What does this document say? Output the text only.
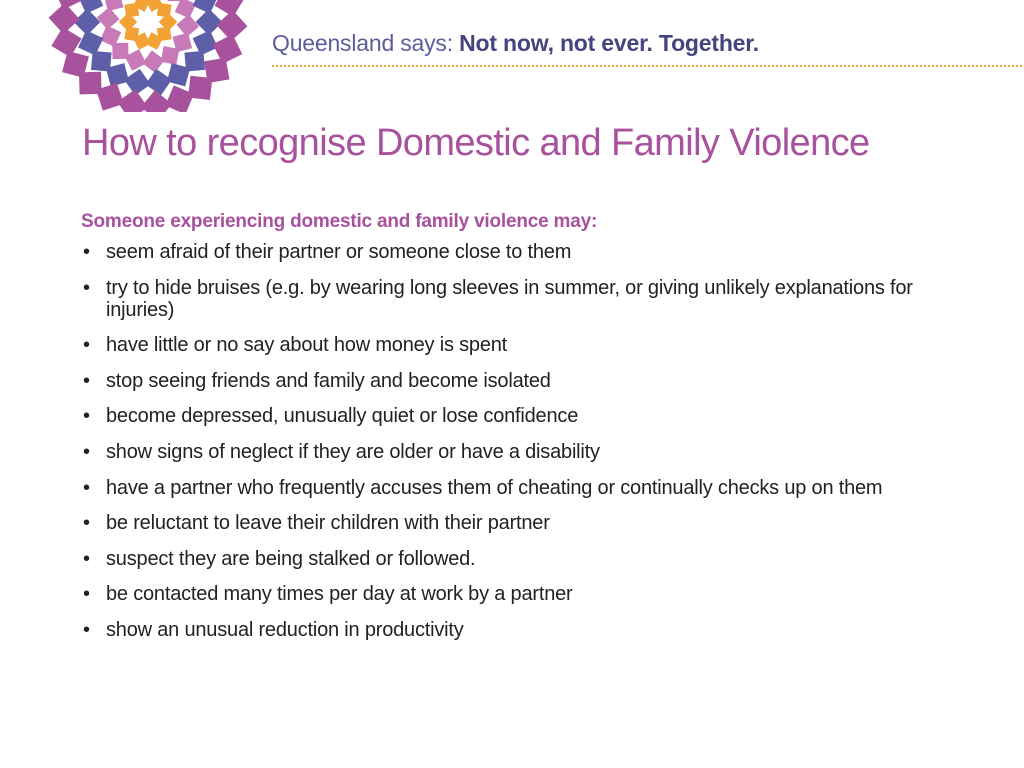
Queensland says: Not now, not ever. Together.
How to recognise Domestic and Family Violence
Someone experiencing domestic and family violence may:
• seem afraid of their partner or someone close to them
• try to hide bruises (e.g. by wearing long sleeves in summer, or giving unlikely explanations for injuries)
• have little or no say about how money is spent
• stop seeing friends and family and become isolated
• become depressed, unusually quiet or lose confidence
• show signs of neglect if they are older or have a disability
• have a partner who frequently accuses them of cheating or continually checks up on them
• be reluctant to leave their children with their partner
• suspect they are being stalked or followed.
• be contacted many times per day at work by a partner
• show an unusual reduction in productivity
